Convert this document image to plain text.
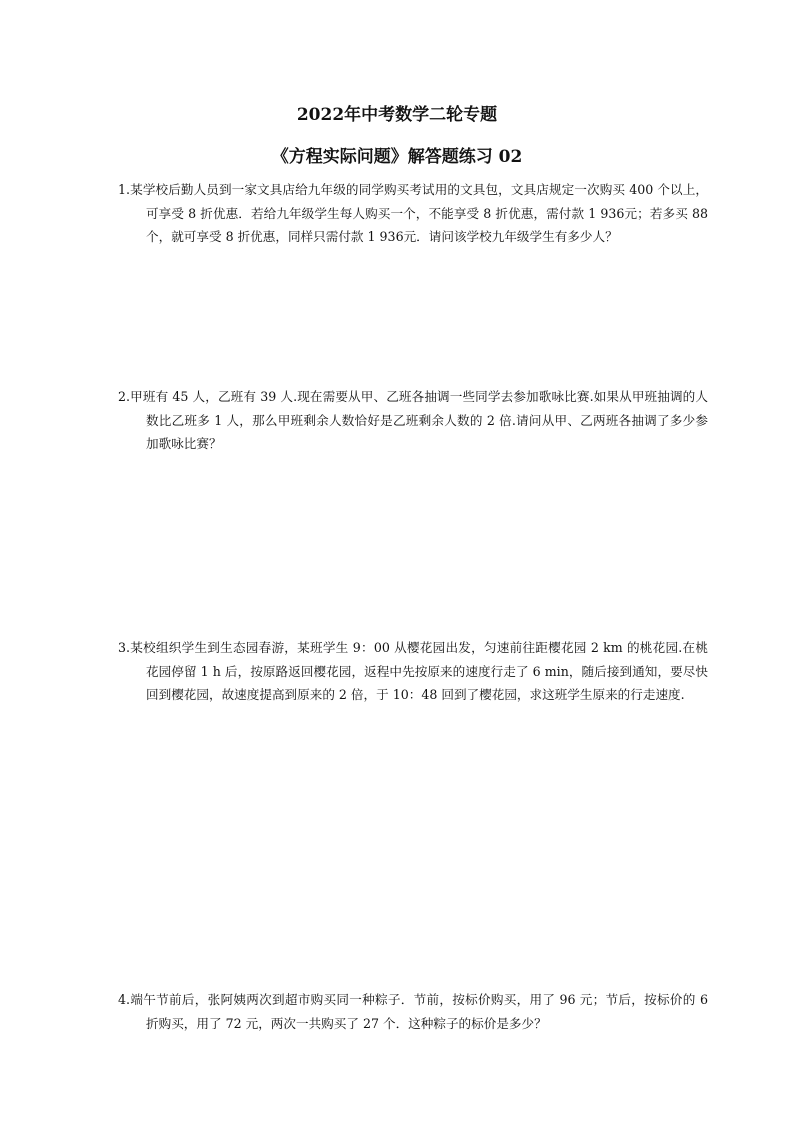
2022年中考数学二轮专题
《方程实际问题》解答题练习 02
1.某学校后勤人员到一家文具店给九年级的同学购买考试用的文具包，文具店规定一次购买 400 个以上，可享受 8 折优惠．若给九年级学生每人购买一个，不能享受 8 折优惠，需付款 1 936元；若多买 88 个，就可享受 8 折优惠，同样只需付款 1 936元．请问该学校九年级学生有多少人？
2.甲班有 45 人，乙班有 39 人.现在需要从甲、乙班各抽调一些同学去参加歌咏比赛.如果从甲班抽调的人数比乙班多 1 人，那么甲班剩余人数恰好是乙班剩余人数的 2 倍.请问从甲、乙两班各抽调了多少参加歌咏比赛？
3.某校组织学生到生态园春游，某班学生 9：00 从樱花园出发，匀速前往距樱花园 2 km 的桃花园.在桃花园停留 1 h 后，按原路返回樱花园，返程中先按原来的速度行走了 6 min，随后接到通知，要尽快回到樱花园，故速度提高到原来的 2 倍，于 10：48 回到了樱花园，求这班学生原来的行走速度.
4.端午节前后，张阿姨两次到超市购买同一种粽子．节前，按标价购买，用了 96 元；节后，按标价的 6 折购买，用了 72 元，两次一共购买了 27 个．这种粽子的标价是多少？
